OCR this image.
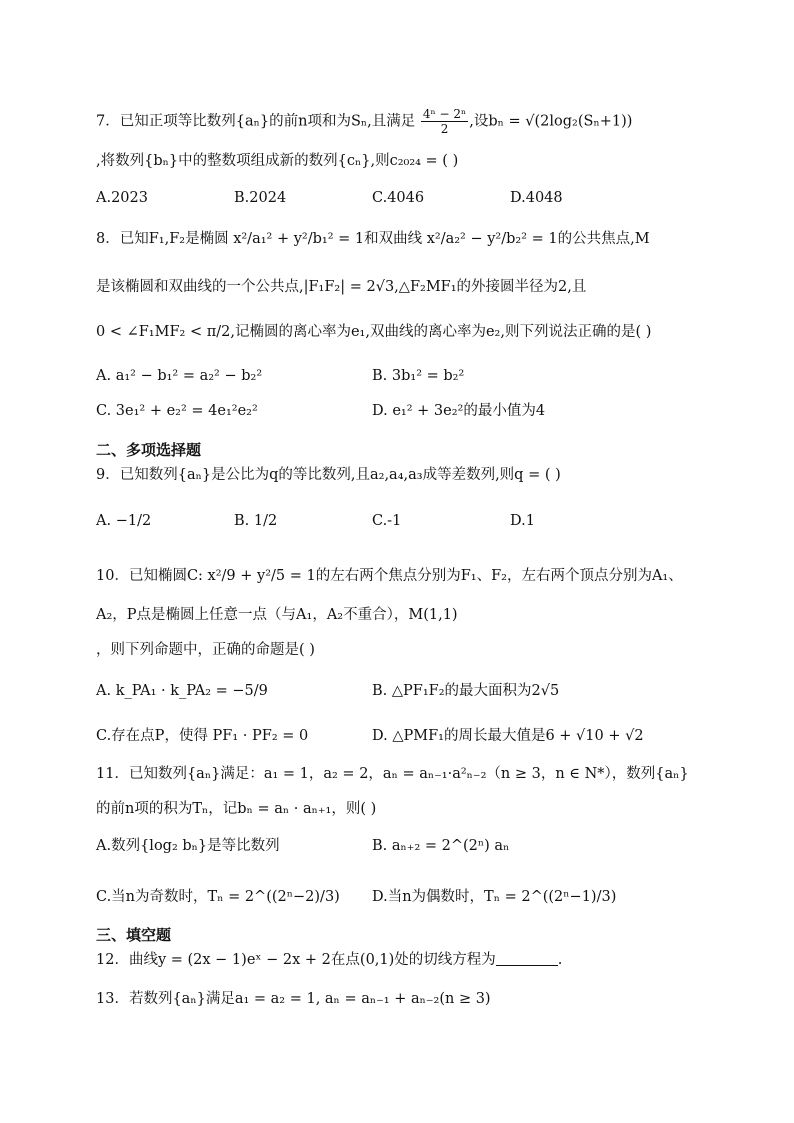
7．已知正项等比数列{aₙ}的前n项和为Sₙ,且满足 $\frac{\text{4ⁿ − 2ⁿ}}{2}$ ,设bₙ = √(2log₂(Sₙ+1))
,将数列{bₙ}中的整数项组成新的数列{cₙ},则c₂₀₂₄ = ( )
A.2023	B.2024	C.4046	D.4048
8．已知F₁,F₂是椭圆 x²/a₁² + y²/b₁² = 1和双曲线 x²/a₂² − y²/b₂² = 1的公共焦点,M
是该椭圆和双曲线的一个公共点,|F₁F₂| = 2√3,△F₂MF₁的外接圆半径为2,且
0 < ∠F₁MF₂ < π/2,记椭圆的离心率为e₁,双曲线的离心率为e₂,则下列说法正确的是( )
A. a₁² − b₁² = a₂² − b₂²	B. 3b₁² = b₂²
C. 3e₁² + e₂² = 4e₁²e₂²	D. e₁² + 3e₂²的最小值为4
二、多项选择题
9．已知数列{aₙ}是公比为q的等比数列,且a₂,a₄,a₃成等差数列,则q = ( )
A. −1/2	B. 1/2	C.-1	D.1
10．已知椭圆C: x²/9 + y²/5 = 1的左右两个焦点分别为F₁、F₂，左右两个顶点分别为A₁、
A₂，P点是椭圆上任意一点（与A₁，A₂不重合），M(1,1)
，则下列命题中，正确的命题是( )
A. k_PA₁ · k_PA₂ = −5/9	B. △PF₁F₂的最大面积为2√5
C.存在点P，使得 PF₁ · PF₂ = 0	D. △PMF₁的周长最大值是6 + √10 + √2
11．已知数列{aₙ}满足：a₁ = 1，a₂ = 2，aₙ = aₙ₋₁·a²ₙ₋₂（n ≥ 3，n ∈ N*），数列{aₙ}
的前n项的积为Tₙ，记bₙ = aₙ · aₙ₊₁，则( )
A.数列{log₂ bₙ}是等比数列	B. aₙ₊₂ = 2^(2ⁿ) aₙ
C.当n为奇数时，Tₙ = 2^((2ⁿ−2)/3) D.当n为偶数时，Tₙ = 2^((2ⁿ−1)/3)
三、填空题
12．曲线y = (2x − 1)eˣ − 2x + 2在点(0,1)处的切线方程为	.
13．若数列{aₙ}满足a₁ = a₂ = 1, aₙ = aₙ₋₁ + aₙ₋₂(n ≥ 3)
